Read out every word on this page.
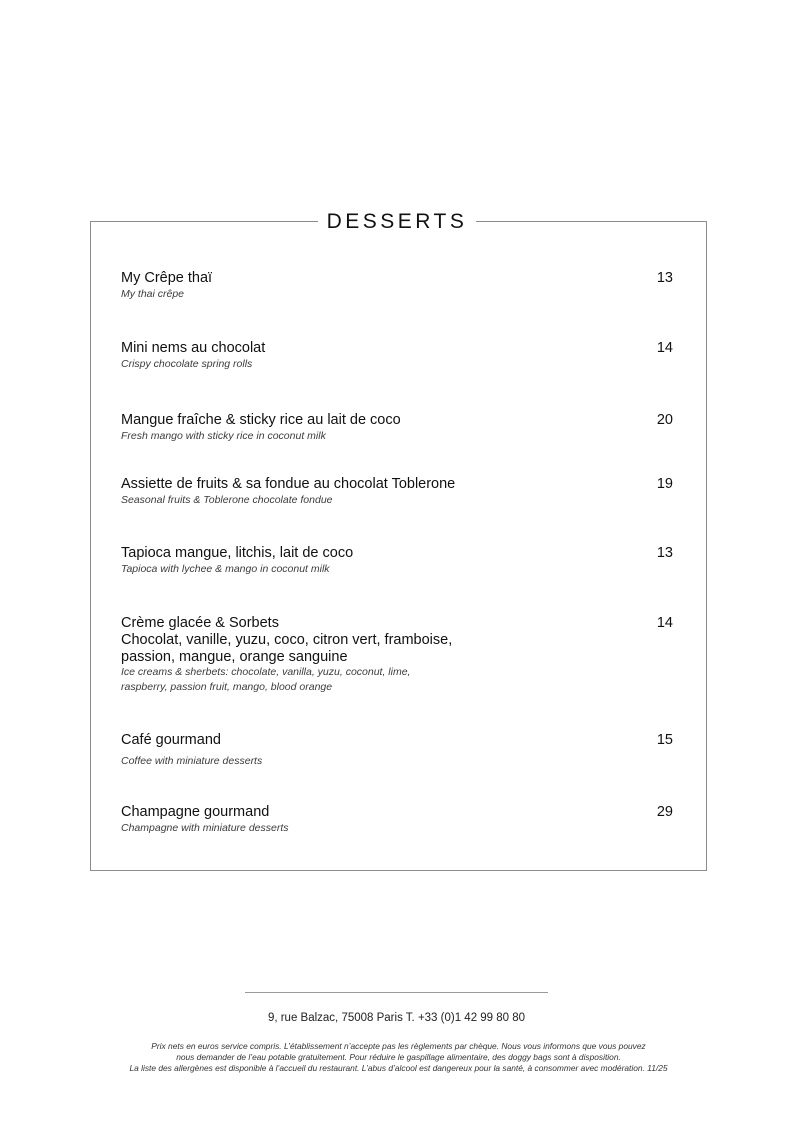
DESSERTS
My Crêpe thaï
My thai crêpe
13
Mini nems au chocolat
Crispy chocolate spring rolls
14
Mangue fraîche & sticky rice au lait de coco
Fresh mango with sticky rice in coconut milk
20
Assiette de fruits & sa fondue au chocolat Toblerone
Seasonal fruits & Toblerone chocolate fondue
19
Tapioca mangue, litchis, lait de coco
Tapioca with lychee & mango in coconut milk
13
Crème glacée & Sorbets
Chocolat, vanille, yuzu, coco, citron vert, framboise, passion, mangue, orange sanguine
Ice creams & sherbets: chocolate, vanilla, yuzu, coconut, lime, raspberry, passion fruit, mango, blood orange
14
Café gourmand
Coffee with miniature desserts
15
Champagne gourmand
Champagne with miniature desserts
29
9, rue Balzac, 75008 Paris T. +33 (0)1 42 99 80 80
Prix nets en euros service compris. L’établissement n’accepte pas les règlements par chèque. Nous vous informons que vous pouvez
nous demander de l’eau potable gratuitement. Pour réduire le gaspillage alimentaire, des doggy bags sont à disposition.
La liste des allergènes est disponible à l’accueil du restaurant. L’abus d’alcool est dangereux pour la santé, à consommer avec modération. 11/25
